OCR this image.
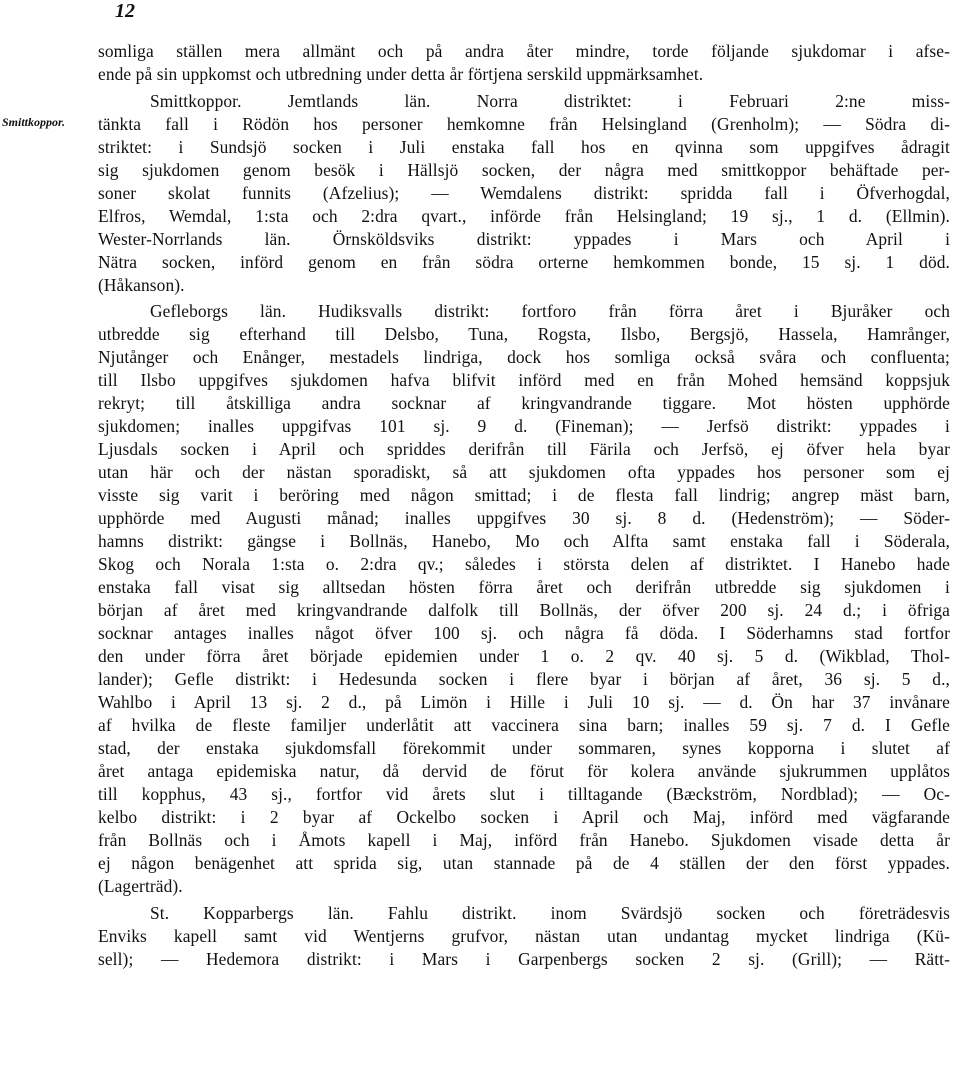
12
Smittkoppor.
somliga ställen mera allmänt och på andra åter mindre, torde följande sjukdomar i afse-
ende på sin uppkomst och utbredning under detta år förtjena serskild uppmärksamhet.
Smittkoppor. Jemtlands län. Norra distriktet: i Februari 2:ne miss-
tänkta fall i Rödön hos personer hemkomne från Helsingland (Grenholm); — Södra di-
striktet: i Sundsjö socken i Juli enstaka fall hos en qvinna som uppgifves ådragit
sig sjukdomen genom besök i Hällsjö socken, der några med smittkoppor behäftade per-
soner skolat funnits (Afzelius); — Wemdalens distrikt: spridda fall i Öfverhogdal,
Elfros, Wemdal, 1:sta och 2:dra qvart., införde från Helsingland; 19 sj., 1 d. (Ellmin).
Wester-Norrlands län. Örnsköldsviks distrikt: yppades i Mars och April i
Nätra socken, införd genom en från södra orterne hemkommen bonde, 15 sj. 1 död.
(Håkanson).
Gefleborgs län. Hudiksvalls distrikt: fortforo från förra året i Bjuråker och
utbredde sig efterhand till Delsbo, Tuna, Rogsta, Ilsbo, Bergsjö, Hassela, Hamrånger,
Njutånger och Enånger, mestadels lindriga, dock hos somliga också svåra och confluenta;
till Ilsbo uppgifves sjukdomen hafva blifvit införd med en från Mohed hemsänd koppsjuk
rekryt; till åtskilliga andra socknar af kringvandrande tiggare. Mot hösten upphörde
sjukdomen; inalles uppgifvas 101 sj. 9 d. (Fineman); — Jerfsö distrikt: yppades i
Ljusdals socken i April och spriddes derifrån till Färila och Jerfsö, ej öfver hela byar
utan här och der nästan sporadiskt, så att sjukdomen ofta yppades hos personer som ej
visste sig varit i beröring med någon smittad; i de flesta fall lindrig; angrep mäst barn,
upphörde med Augusti månad; inalles uppgifves 30 sj. 8 d. (Hedenström); — Söder-
hamns distrikt: gängse i Bollnäs, Hanebo, Mo och Alfta samt enstaka fall i Söderala,
Skog och Norala 1:sta o. 2:dra qv.; således i största delen af distriktet. I Hanebo hade
enstaka fall visat sig alltsedan hösten förra året och derifrån utbredde sig sjukdomen i
början af året med kringvandrande dalfolk till Bollnäs, der öfver 200 sj. 24 d.; i öfriga
socknar antages inalles något öfver 100 sj. och några få döda. I Söderhamns stad fortfor
den under förra året började epidemien under 1 o. 2 qv. 40 sj. 5 d. (Wikblad, Thol-
lander); Gefle distrikt: i Hedesunda socken i flere byar i början af året, 36 sj. 5 d.,
Wahlbo i April 13 sj. 2 d., på Limön i Hille i Juli 10 sj. — d. Ön har 37 invånare
af hvilka de fleste familjer underlåtit att vaccinera sina barn; inalles 59 sj. 7 d. I Gefle
stad, der enstaka sjukdomsfall förekommit under sommaren, synes kopporna i slutet af
året antaga epidemiska natur, då dervid de förut för kolera använde sjukrummen upplåtos
till kopphus, 43 sj., fortfor vid årets slut i tilltagande (Bæckström, Nordblad); — Oc-
kelbo distrikt: i 2 byar af Ockelbo socken i April och Maj, införd med vägfarande
från Bollnäs och i Åmots kapell i Maj, införd från Hanebo. Sjukdomen visade detta år
ej någon benägenhet att sprida sig, utan stannade på de 4 ställen der den först yppades.
(Lagerträd).
St. Kopparbergs län. Fahlu distrikt. inom Svärdsjö socken och företrädesvis
Enviks kapell samt vid Wentjerns grufvor, nästan utan undantag mycket lindriga (Kü-
sell); — Hedemora distrikt: i Mars i Garpenbergs socken 2 sj. (Grill); — Rätt-
